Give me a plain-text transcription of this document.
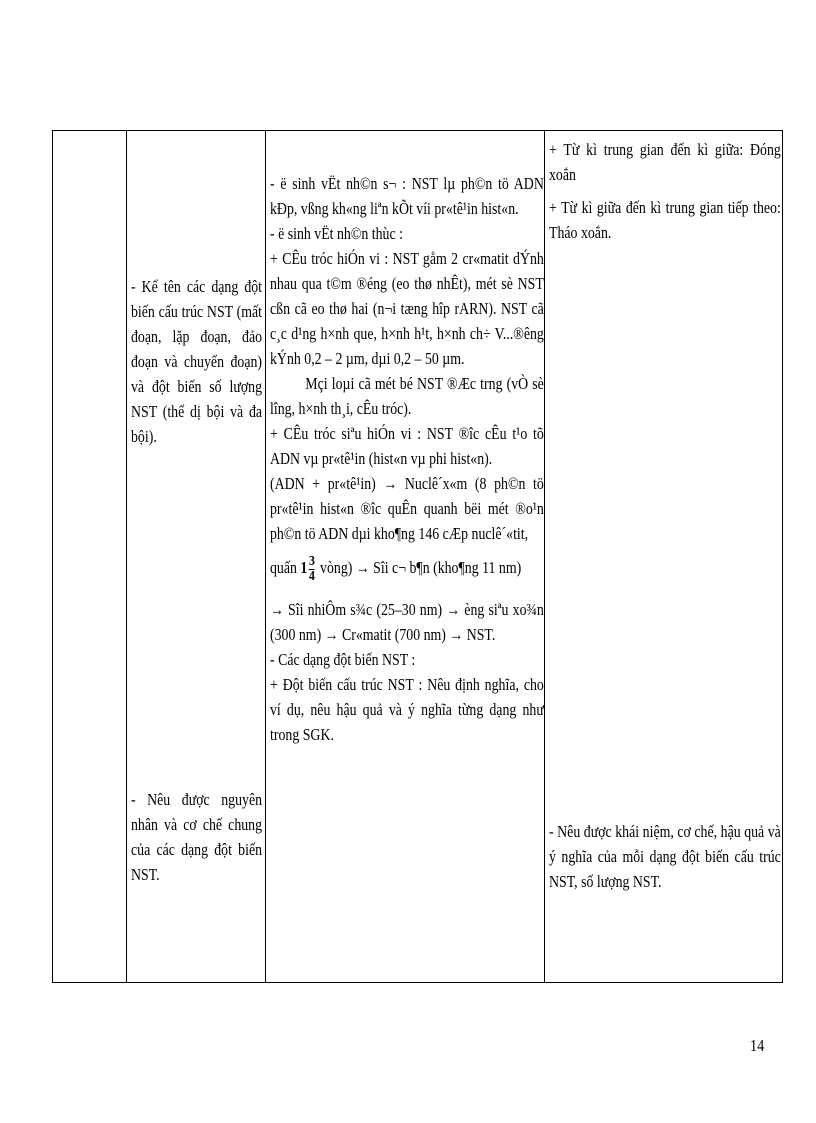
- Kể tên các dạng đột biến cấu trúc NST (mất đoạn, lặp đoạn, đảo đoạn và chuyển đoạn) và đột biến số lượng NST (thể dị bội và đa bội).

- Nêu được nguyên nhân và cơ chế chung của các dạng đột biến NST.

- ë sinh vËt nh©n s¬ : NST lµ ph©n tö ADN kÐp, vßng kh«ng liªn kÕt víi pr«tê¹in hist«n.

- ë sinh vËt nh©n thùc :

+ CÊu tróc hiÓn vi : NST gåm 2 cr«matit dÝnh nhau qua t©m ®éng (eo thø nhÊt), mét sè NST cßn cã eo thø hai (n¬i tæng hîp rARN). NST cã c¸c d¹ng h×nh que, h×nh h¹t, h×nh ch÷ V...®êng kÝnh 0,2 – 2 µm, dµi 0,2 – 50 µm.

Mçi loµi cã mét bé NST ®Æc trng (vÒ sè lîng, h×nh th¸i, cÊu tróc).

+ CÊu tróc siªu hiÓn vi : NST ®îc cÊu t¹o tõ ADN vµ pr«tê¹in (hist«n vµ phi hist«n).

(ADN + pr«tê¹in) → Nuclê´x«m (8 ph©n tö pr«tê¹in hist«n ®îc quÊn quanh bëi mét ®o¹n ph©n tö ADN dµi kho¶ng 146 cÆp nuclê´«tit,

quấn $1 \frac{3}{4}$ vòng) → Sîi c¬ b¶n (kho¶ng 11 nm)

→ Sîi nhiÔm s¾c (25–30 nm) → èng siªu xo¾n (300 nm) → Cr«matit (700 nm) → NST.

- Các dạng đột biến NST :

+ Đột biến cấu trúc NST : Nêu định nghĩa, cho ví dụ, nêu hậu quả và ý nghĩa từng dạng như trong SGK.

+ Từ kì trung gian đến kì giữa: Đóng xoắn

+ Từ kì giữa đến kì trung gian tiếp theo: Tháo xoắn.

- Nêu được khái niệm, cơ chế, hậu quả và ý nghĩa của mỗi dạng đột biến cấu trúc NST, số lượng NST.

14
